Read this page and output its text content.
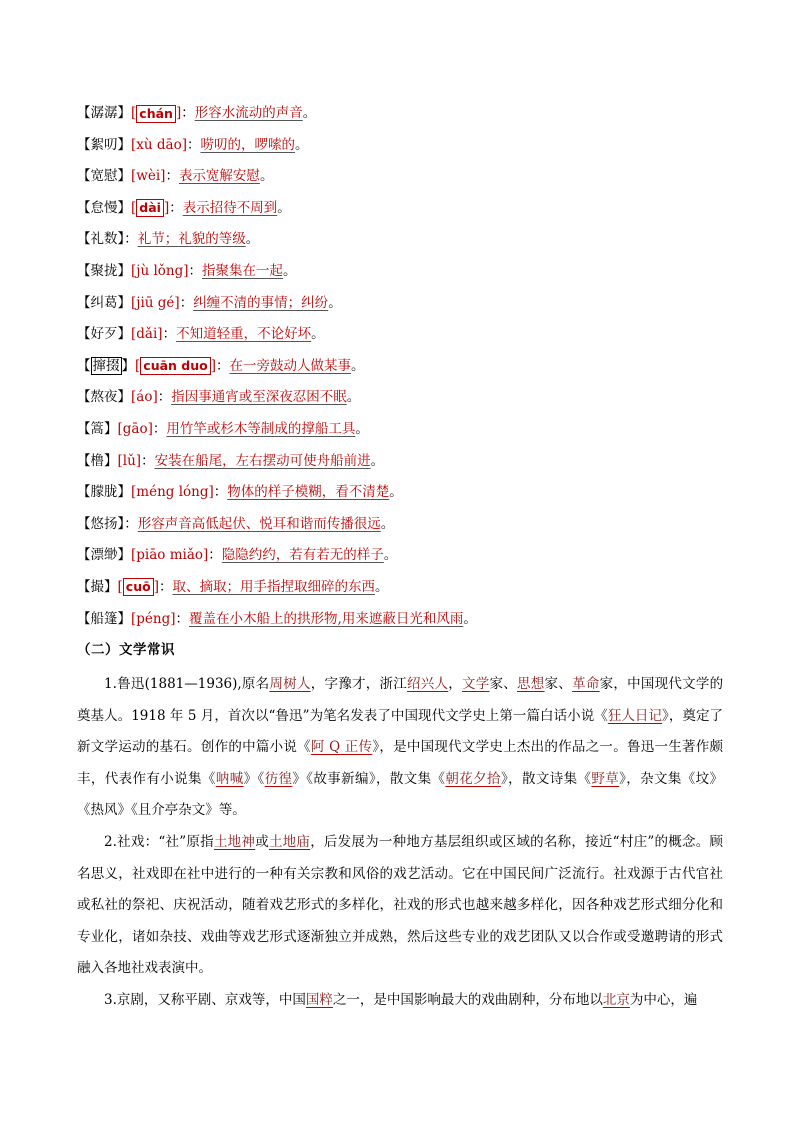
【潺潺】[ chán ]：形容水流动的声音。
【絮叨】[xù dāo]：唠叨的，啰嗦的。
【宽慰】[wèi]：表示宽解安慰。
【怠慢】[ dài ]：表示招待不周到。
【礼数】：礼节；礼貌的等级。
【聚拢】[jù lǒng]：指聚集在一起。
【纠葛】[jiū gé]：纠缠不清的事情；纠纷。
【好歹】[dǎi]：不知道轻重，不论好坏。
【 撺掇 】[ cuān duo ]：在一旁鼓动人做某事。
【熬夜】[áo]：指因事通宵或至深夜忍困不眠。
【篙】[gāo]：用竹竿或杉木等制成的撑船工具。
【橹】[lǔ]：安装在船尾，左右摆动可使舟船前进。
【朦胧】[méng lóng]：物体的样子模糊，看不清楚。
【悠扬】：形容声音高低起伏、悦耳和谐而传播很远。
【漂缈】[piāo miǎo]：隐隐约约，若有若无的样子。
【撮】[ cuō ]：取、摘取；用手指捏取细碎的东西。
【船篷】[péng]：覆盖在小木船上的拱形物,用来遮蔽日光和风雨。
（二）文学常识

1.鲁迅(1881—1936),原名周树人，字豫才，浙江绍兴人，文学家、思想家、革命家，中国现代文学的奠基人。1918 年 5 月，首次以“鲁迅”为笔名发表了中国现代文学史上第一篇白话小说《狂人日记》，奠定了新文学运动的基石。创作的中篇小说《阿 Q 正传》，是中国现代文学史上杰出的作品之一。鲁迅一生著作颇丰，代表作有小说集《呐喊》《彷徨》《故事新编》，散文集《朝花夕拾》，散文诗集《野草》，杂文集《坟》《热风》《且介亭杂文》等。

2.社戏：“社”原指土地神或土地庙，后发展为一种地方基层组织或区域的名称，接近“村庄”的概念。顾名思义，社戏即在社中进行的一种有关宗教和风俗的戏艺活动。它在中国民间广泛流行。社戏源于古代官社或私社的祭祀、庆祝活动，随着戏艺形式的多样化，社戏的形式也越来越多样化，因各种戏艺形式细分化和专业化，诸如杂技、戏曲等戏艺形式逐渐独立并成熟，然后这些专业的戏艺团队又以合作或受邀聘请的形式融入各地社戏表演中。

3.京剧，又称平剧、京戏等，中国国粹之一，是中国影响最大的戏曲剧种，分布地以北京为中心，遍
